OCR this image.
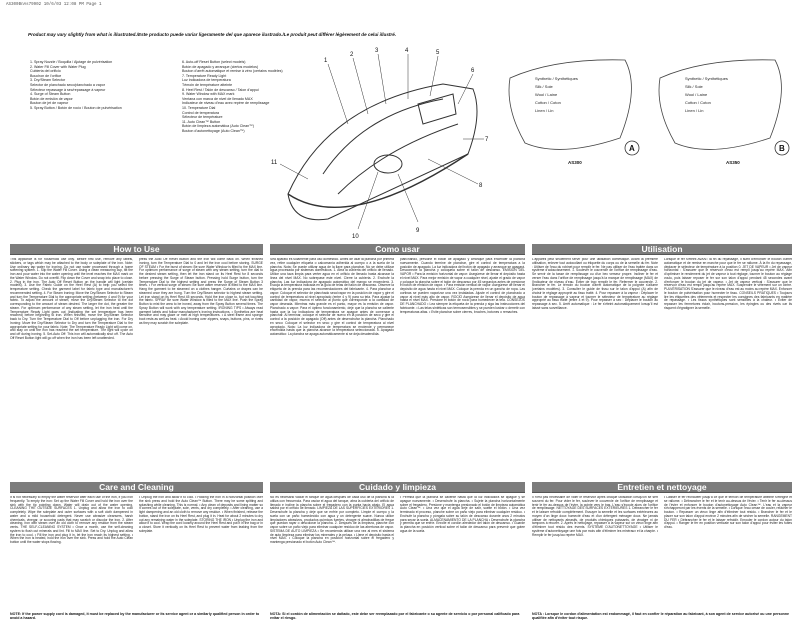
AS300BnAs79902 10/6/03 12:08 PM Page 1
Product may vary slightly from what is illustrated./Este producto puede variar ligeramente del que aparece ilustrado./Le produit peut différer légèrement de celui illustré.
1. Spray Nozzle / Boquilla / Ajutage de pulvérisation
2. Water Fill Cover with Water Plug
Cubierta del orificio
Bouchon de l'orifice
3. Dry/Steam Selector
Selector de planchado seco/planchado a vapor
Sélecteur repassage à sec/repassage à vapeur
4. Surge of Steam Button
Botón de emisión de vapor
Bouton de jet de vapeur
5. Spray Button / Botón de rocío / Bouton de pulvérisation
6. Auto-off Reset Button (select models)
Botón de apagado y arranque (ciertos modelos)
Bouton d'arrêt automatique et remise à zéro (certains modèles)
7. Temperature Ready Light
Luz indicadora de temperatura
Témoin de température atteinte
8. Heel Rest / Talón de descanso / Talon d'appui
9. Water Window with MAX mark
Ventana con marca de nivel de llenado MAX
Indicateur de niveau d'eau avec repère de remplissage
10. Temperature Dial
Control de temperatura
Sélecteur de température
11. Auto Clean™ Button
Botón de limpieza automática (Auto Clean™)
Bouton d'autonettoyage (Auto Clean™)
1
2
3	4	5
6
7
8
9
10
11
Synthetic / Synthétiques
Silk / Soie
Wool / Laine
Cotton / Coton
Linen / Lin
Synthetic / Synthétiques
Silk / Soie
Wool / Laine
Cotton / Coton
Linen / Lin
A	B
AS300	AS350
How to Use	Como usar	Utilisation
This appliance is for household use only. Before first use, remove any labels, stickers, or tags which may be attached to the body or soleplate of the iron. Note: Use ordinary tap water for ironing. Do not use water processed through a home softening system. 1. Slip the Water Fill Cover. Using a clean measuring cup, tilt the iron and pour water into the water opening until the level reaches the MAX mark on the Water Window. Do not overfill. Flip down the Cover and snap into place to close. 2. Plug in the iron. The Auto Off Reset Button on the handle will light (certain models). 3. Use the Fabric Guide on the Heel Rest (A) to help you select the temperature setting. Check the garment label for fabric type and manufacturer's recommended setting. 4. For Steam Ironing: Move the Dry/Steam Selector to Steam and turn the Temperature Dial to the appropriate setting (between 4 and 9) for your fabric. To adjust the amount of steam, move the Dry/Steam Selector to the dot corresponding to the amount of steam desired. The larger the dot, the greater the steam. For optimum performance of any steam setting, let the iron heat until the Temperature Ready Light goes out (indicating the set temperature has been reached) before beginning to iron. When finished, move the Dry/Steam Selector back to Dry. Turn the Temperature Dial to Off before unplugging the iron. For Dry Ironing: Move the Dry/Steam Selector to Dry and turn the Temperature Dial to the appropriate setting for your fabric. Note: The Temperature Ready Light will come on, and stay on until the iron has reached the set temperature. The light will cycle on and off during ironing. 5. Set-Auto Off: This iron will automatically shut off. The Auto Off Reset Button light will go off when the iron has been left unattended.
press the Auto Off Reset Button and the iron will come back on. When finished ironing, turn the Temperature Dial to 0 and let the iron cool before storing. SURGE OF STEAM • For the burst of steam: Be sure Water Window is filled to the MAX line. For optimum performance of surge of steam with any steam setting, turn the dial to the desired steam setting, then let the iron stand on its Heel Rest for 8 seconds before pressing the Surge of Steam button. Pressing hold Surge button, turn the Temperature Dial to the highest setting and press the Surge of Steam Button 3 times. • For vertical surge of steam: Be sure water reservoir is filled to the MAX line. Hang the garment to be steamed on a clothes hanger. Curtains or drapes can be steamed once they are hung. Turn the Dry/Steam selector to highest steam setting. Let iron stand on its Heel Rest 45 seconds. Hold the iron close to, but not touching the fabric. SPRAY Be sure Water Window is filled to the MAX line. Push the Spray Button to mist the area to be ironed, away from the Spray Button several times. The Spray Button will work with any temperature setting. IRONING TIPS • Always read garment labels and follow manufacturer's ironing instructions. • Synthetics are heat sensitive and may glaze or melt at high temperatures. • A steel frame and sponge boot rests as well as heat. • Avoid ironing over zippers, snaps, buttons, pins, or rivets as they may scratch the soleplate.
Sea aparato es solamente para uso doméstico. Antes de usar la plancha por primera vez, retire cualquier etiqueta o calcomanía adherida al cuerpo o a la suela de la plancha. Nota: Se puede utilizar agua de la llave para planchar. No se debe utilizar agua procesada por sistemas domésticos. 1. Abra la cubierta del orificio de llenado. Utilice una taza limpia para verter agua en el orificio de llenado hasta alcanzar la línea del nivel MAX. No sobrepase este nivel. Cierre la cubierta. 2. Enchufe la plancha. Las luz indicadora de apagado automático del mango se encenderá. 3. Escoja la temperatura indicada en la guía de telas del talón de descanso. Observe la etiqueta de la prenda para las recomendaciones del fabricante. 4. Para planchar a vapor: Coloque el selector de planchado seco/vapor en la posición de vapor y gire el control de temperatura al nivel apropiado (entre 4 y 9) para su tela. Para ajustar la cantidad de vapor, mueva el selector al punto que corresponde a la cantidad de vapor deseada. Mientras más grande es el punto, mayor es la emisión de vapor. Planchado a vapor: Para el óptimo funcionamiento, deje que la plancha se caliente hasta que la luz indicadora de temperatura se apague antes de comenzar a planchar. Al terminar, coloque el selector de nuevo en la posición de seco y gire el control a la posición de apagado (Off) antes de desenchufar la plancha. Planchado en seco: Coloque el selector en seco y gire el control de temperatura al nivel apropiado. Nota: La luz indicadora de temperatura se enciende y permanece encendida hasta que la plancha alcance la temperatura seleccionada. 5. Apagado automático: La plancha se apaga automáticamente si se deja desatendida.
planchando, presione el botón de apagado y arranque para encender la plancha nuevamente. Cuando termine de planchar, gire el control de temperatura a la posición de apagado. La luz indicadora del botón de apagado y arranque se apagará. Desconecte la plancha y colóquela sobre el talón de descanso. EMISIÓN DEL VAPOR • Para la emisión horizontal de vapor: Asegúrese de llenar el depósito hasta el nivel MAX. Para mejor emisión de vapor a cualquier nivel, ajuste el grado de vapor y coloque la plancha sobre el talón de descanso por 45 segundos antes de presionar el botón de emisión de vapor. • Para emisión vertical de vapor: Asegúrese de llenar el depósito de agua hasta el nivel MAX. Coloque la prenda en un gancho de ropa. Las cortinas se pueden vaporizar una vez instaladas. Ajuste el control de planchado a vapor al nivel más alto de vapor. ROCÍO Asegúrese de llenar el depósito de agua hasta el nivel MAX. Presione el botón de rocío para humedecer la tela. CONSEJOS DE PLANCHADO • Lea siempre la etiqueta de la prenda y siga las instrucciones del fabricante. • Las telas sintéticas son termosensibles y se pueden lustrar o derretir con temperaturas altas. • Evite planchar sobre cierres, broches, botones o remaches.
L'appareil peut seulement servir pour une utilisation domestique. Avant la première utilisation, enlever tout autocollant ou étiquette du corps ou de la semelle du fer. Note : Utiliser de l'eau du robinet pour remplir le fer. Ne pas utiliser de l'eau traitée dans un système d'adoucissement. 1. Soulever le couvercle de l'orifice de remplissage d'eau. Se servir de la tasse de remplissage ou d'un bec verseur propre. Incliner le fer et verser l'eau dans l'orifice de remplissage jusqu'à la marque de remplissage (MAX) de l'indicateur de niveau d'eau. Éviter de trop remplir le fer. Refermer le couvercle. 2. Brancher le fer. Le témoin du bouton d'arrêt automatique de la poignée s'allume (certains modèles). 3. Consulter le guide de tissu sur le talon d'appui (A) afin de choisir le réglage approprié au tissu traité. 4. Pour repasser à la vapeur : Déplacer le bouton de repassage à vapeur et tourner le sélecteur de température au réglage approprié au tissu traité (entre 4 et 9). Pour repasser à sec : Déplacer le bouton au repassage à sec. 5. Arrêt automatique : Le fer s'éteint automatiquement lorsqu'il est laissé sans surveillance.
Lorsque le fer s'éteint AVANT la fin du repassage, il suffit d'enfoncer le bouton d'arrêt automatique et de remise en marche pour que le fer se rallume. À la fin du repassage, déplacer le sélecteur de température à la position 0. JET DE VAPEUR • Jet de vapeur horizontal : S'assurer que le réservoir d'eau est rempli jusqu'au repère MAX. Afin d'optimiser le rendement du jet de vapeur à tout réglage, tourner le bouton au réglage voulu, puis laisser reposer le fer sur son talon d'appui pendant 45 secondes avant d'enfoncer le bouton du jet de vapeur. • Jet de vapeur vertical : S'assurer que le réservoir d'eau est rempli jusqu'au repère MAX. Suspendre le vêtement sur un cintre. PULVÉRISATION S'assurer que le niveau d'eau est au moins au repère MAX. Enfoncer le bouton de pulvérisation pour humecter le tissu. CONSEILS PRATIQUES • Toujours lire les étiquettes des vêtements et respecter les consignes des fabricants en matière de repassage. • Les tissus synthétiques sont sensibles à la chaleur. • Éviter de repasser les fermetures éclair, boutons-pression, les épingles ou des rivets car ils risquent d'égratigner la semelle.
Care and Cleaning	Cuidado y limpieza	Entretien et nettoyage
It is not necessary to empty the water reservoir after each use of the iron, if you iron frequently. To empty the iron: Set up the Water Fill Cover and hold the iron over the sink with the tip pointing down. Water will drain out of the water opening. CLEANING THE OUTSIDE SURFACES 1. Unplug and allow the iron to cool completely. Wipe the soleplate and outer surfaces with a soft cloth dampened in water and a mild household detergent. Never use abrasive cleansers, harsh chemicals, vinegar, or scouring pads that may scratch or discolor the iron. 2. After cleaning, iron with steam over an old cloth to remove any residue from the steam vents. THE SELF-CLEANING SYSTEM • Once a month, use the self-cleaning system to flush out minerals and lint. Fill to MAX line. Set to Dry. Unplug and allow the iron to cool. • Fill the iron and plug it in, let the iron reach its highest setting. • When the iron is heated, hold the iron over the sink. Press and hold the Auto Clean button until the water stops flowing.
• Unplug the iron and allow it to cool. • Holding the iron in a horizontal position over the sink press and hold the Auto Clean™ Button. There may be some spitting and splashing while cleaning. This is normal. • Any clean of deposits and lining matter so it comes out of the soleplate, sole, vents, and dry completely. • After cleaning, use a light dampening and an old cloth to remove any residue. • When finished, release the button, stand the iron on its Heel Rest, and plug it in. Heat for about 2 minutes to dry out any remaining water in the soleplate. STORING THE IRON • Unplug the iron and allow it to cool. Wrap the cord loosely around the Heel Rest and put it in the bag or in a closet. Store it vertically on its Heel Rest to prevent water from leaking from the soleplate.
No es necesario vaciar el tanque de agua después de cada uso de la plancha si la utiliza con frecuencia. Para vaciar el agua del tanque, abra la cubierta del orificio de llenado e incline la plancha sobre el fregadero con la punta hacia abajo. El agua saldrá por el orificio de llenado. LIMPIEZA DE LAS SUPERFICIES EXTERIORES 1. Desenchufe la plancha y deje que se enfríe por completo. Limpie el cuerpo y la suela con un paño humedecido con agua y un detergente suave. Nunca utilice limpiadores abrasivos, productos químicos fuertes, vinagre ni almohadillas de fregar que puedan rayar o descolorar la plancha. 2. Después de la limpieza, planche con vapor sobre un paño viejo para eliminar cualquier residuo de las aberturas de vapor. SISTEMA DE AUTO LIMPIEZA • Se recomienda utilizar una vez al mes el sistema de auto limpieza para eliminar los minerales y la pelusa. • Llene el depósito hasta el nivel MAX. • Coloque la plancha en posición horizontal sobre el fregadero y mantenga presionado el botón Auto Clean™.
• Permita que la plancha se caliente hasta que la luz indicadora se apague y se apague nuevamente. • Desenchufe la plancha. • Sujete la plancha horizontalmente sobre el fregadero. Presione y mantenga presionado el botón de limpieza automática Auto Clean™. • Una vez que el agua deje de salir, suelte el botón. • Una vez terminado el proceso, planche sobre un paño viejo para eliminar cualquier residuo. • Enchufe la plancha y póngala sobre su talón de descanso durante unos 2 minutos para secar la suela. ALMACENAMIENTO DE LA PLANCHA • Desenchufe la plancha y permita que se enfríe. Enrolle el cordón alrededor del talón de descanso. • Guarde la plancha en posición vertical sobre el talón de descanso para prevenir que gotee agua de la suela.
Il n'est pas nécessaire de vider le réservoir après chaque utilisation lorsqu'on se sert souvent du fer. Pour vider le fer, soulever le couvercle de l'orifice de remplissage et tenir le fer au-dessus de l'évier, la pointe vers le bas. L'eau s'écoule alors de l'orifice de remplissage. NETTOYAGE DES SURFACES EXTÉRIEURES 1. Débrancher le fer et le laisser refroidir complètement. Essuyer la semelle et les surfaces extérieures au moyen d'un linge doux humecté d'eau et d'un détergent ménager doux. Ne jamais utiliser de nettoyants abrasifs, de produits chimiques puissants, de vinaigre ni de tampons à récurer. 2. Après le nettoyage, repasser à la vapeur sur un vieux linge afin d'éliminer tout résidu des évents. SYSTÈME D'AUTONETTOYAGE • Utiliser le système d'autonettoyage une fois par mois afin d'éliminer les minéraux et la charpie. • Remplir le fer jusqu'au repère MAX.
• Laisser le fer réchauffer jusqu'à ce que le témoin de température atteinte s'éteigne et se rallume. • Débrancher le fer et le tenir au-dessus de l'évier. • Tenir le fer au-dessus de l'évier et enfoncer le bouton d'autonettoyage Auto Clean™. L'eau et la vapeur s'échapperont par les évents de la semelle. • Lorsque l'eau cesse de couler, relâcher le bouton. • Repasser un vieux linge afin d'éliminer tout résidu. • Brancher le fer et le placer sur son talon d'appui environ 2 minutes afin de sécher la semelle. RANGEMENT DU FER • Débrancher le fer et le laisser refroidir. Enrouler le cordon autour du talon d'appui. • Ranger le fer en position verticale sur son talon d'appui pour éviter les fuites d'eau.
NOTE: If the power supply cord is damaged, it must be replaced by the manufacturer or its service agent or a similarly qualified person in order to avoid a hazard.
NOTA: Si el cordón de alimentación se dañado, este debe ser reemplazado por el fabricante o su agente de servicio o por personal calificado para evitar el riesgo.
NOTA : Lorsque le cordon d'alimentation est endommagé, il faut en confier le réparation au fabricant, à son agent de service autorisé ou une personne qualifiée afin d'éviter tout risque.
